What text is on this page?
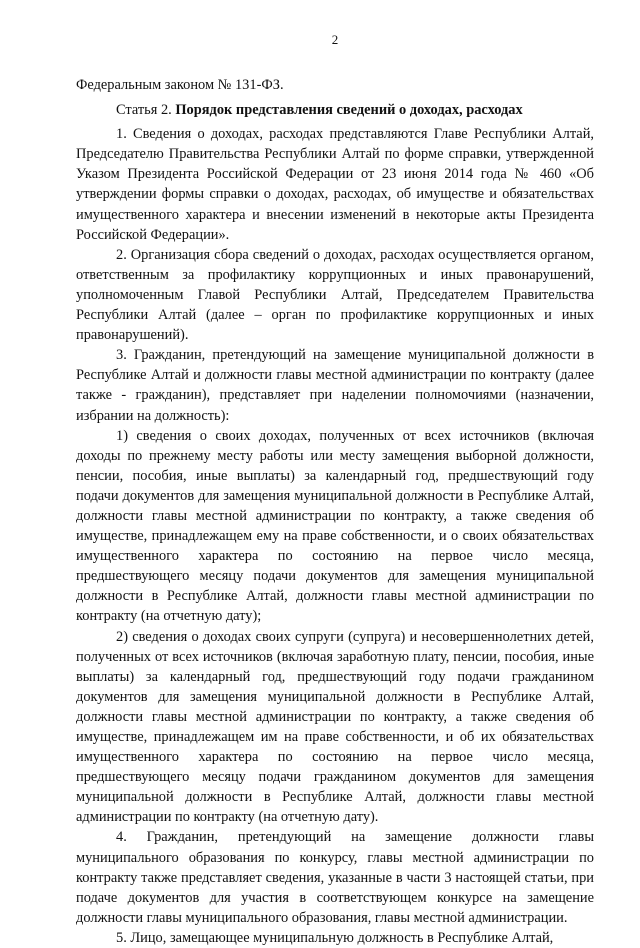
2

Федеральным законом № 131-ФЗ.

Статья 2. Порядок представления сведений о доходах, расходах

1. Сведения о доходах, расходах представляются Главе Республики Алтай, Председателю Правительства Республики Алтай по форме справки, утвержденной Указом Президента Российской Федерации от 23 июня 2014 года № 460 «Об утверждении формы справки о доходах, расходах, об имуществе и обязательствах имущественного характера и внесении изменений в некоторые акты Президента Российской Федерации».

2. Организация сбора сведений о доходах, расходах осуществляется органом, ответственным за профилактику коррупционных и иных правонарушений, уполномоченным Главой Республики Алтай, Председателем Правительства Республики Алтай (далее – орган по профилактике коррупционных и иных правонарушений).

3. Гражданин, претендующий на замещение муниципальной должности в Республике Алтай и должности главы местной администрации по контракту (далее также - гражданин), представляет при наделении полномочиями (назначении, избрании на должность):

1) сведения о своих доходах, полученных от всех источников (включая доходы по прежнему месту работы или месту замещения выборной должности, пенсии, пособия, иные выплаты) за календарный год, предшествующий году подачи документов для замещения муниципальной должности в Республике Алтай, должности главы местной администрации по контракту, а также сведения об имуществе, принадлежащем ему на праве собственности, и о своих обязательствах имущественного характера по состоянию на первое число месяца, предшествующего месяцу подачи документов для замещения муниципальной должности в Республике Алтай, должности главы местной администрации по контракту (на отчетную дату);

2) сведения о доходах своих супруги (супруга) и несовершеннолетних детей, полученных от всех источников (включая заработную плату, пенсии, пособия, иные выплаты) за календарный год, предшествующий году подачи гражданином документов для замещения муниципальной должности в Республике Алтай, должности главы местной администрации по контракту, а также сведения об имуществе, принадлежащем им на праве собственности, и об их обязательствах имущественного характера по состоянию на первое число месяца, предшествующего месяцу подачи гражданином документов для замещения муниципальной должности в Республике Алтай, должности главы местной администрации по контракту (на отчетную дату).

4. Гражданин, претендующий на замещение должности главы муниципального образования по конкурсу, главы местной администрации по контракту также представляет сведения, указанные в части 3 настоящей статьи, при подаче документов для участия в соответствующем конкурсе на замещение должности главы муниципального образования, главы местной администрации.

5. Лицо, замещающее муниципальную должность в Республике Алтай,
